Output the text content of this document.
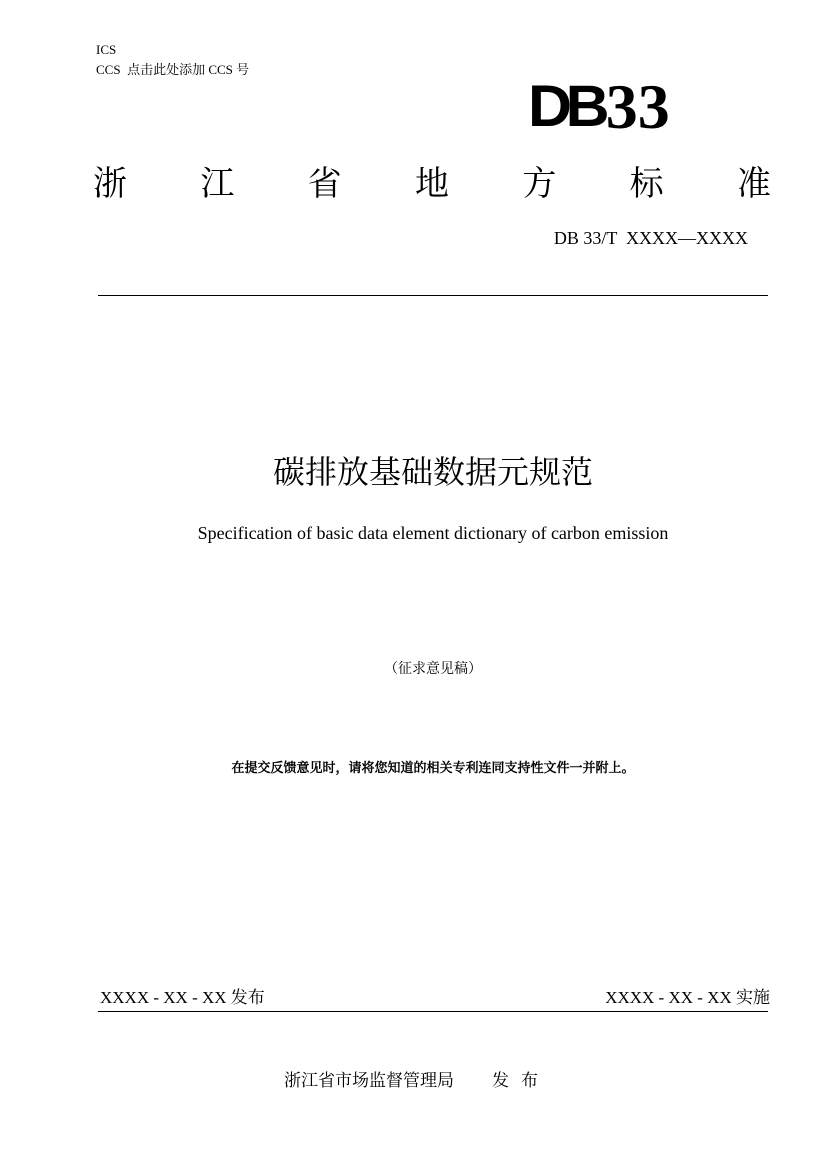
ICS
CCS  点击此处添加 CCS 号
DB 33
浙 江 省 地 方 标 准
DB 33/T  XXXX—XXXX
碳排放基础数据元规范
Specification of basic data element dictionary of carbon emission
（征求意见稿）
在提交反馈意见时，请将您知道的相关专利连同支持性文件一并附上。
XXXX - XX - XX 发布	XXXX - XX - XX 实施
浙江省市场监督管理局 发布
